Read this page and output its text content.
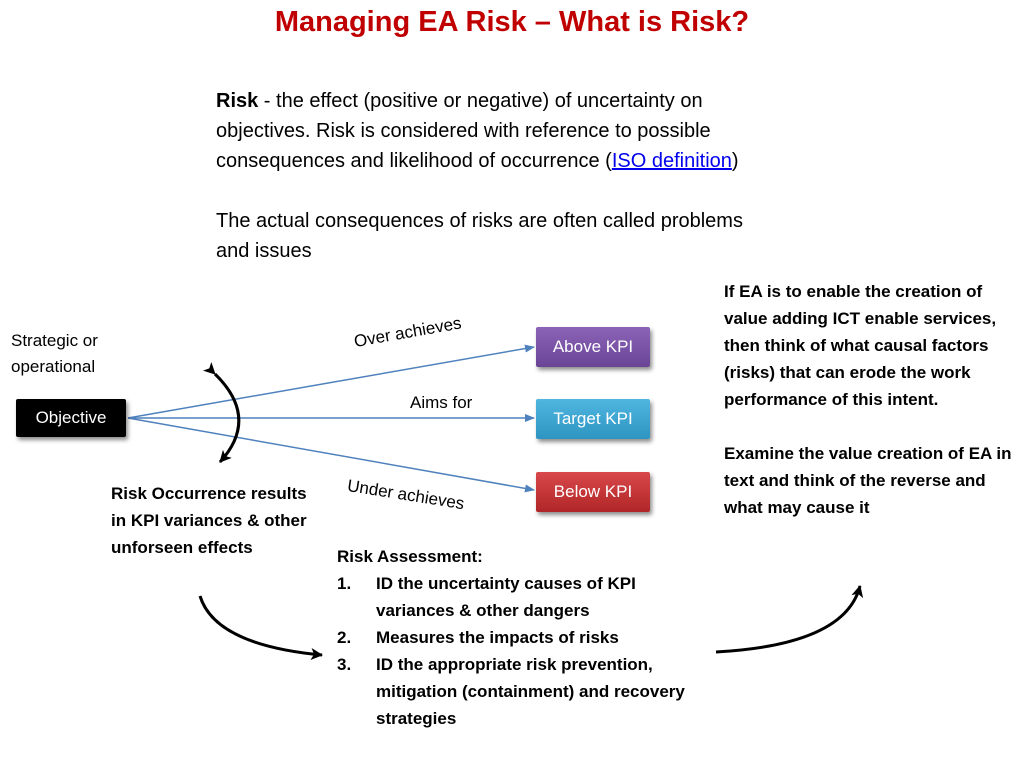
Managing EA Risk – What is Risk?

Risk - the effect (positive or negative) of uncertainty on objectives. Risk is considered with reference to possible consequences and likelihood of occurrence (ISO definition)

The actual consequences of risks are often called problems and issues

Strategic or operational
Objective
Over achieves
Aims for
Under achieves
Above KPI
Target KPI
Below KPI
Risk Occurrence results in KPI variances & other unforseen effects	Risk Assessment:
1. ID the uncertainty causes of KPI variances & other dangers
2. Measures the impacts of risks
3. ID the appropriate risk prevention, mitigation (containment) and recovery strategies

If EA is to enable the creation of value adding ICT enable services, then think of what causal factors (risks) that can erode the work performance of this intent.

Examine the value creation of EA in text and think of the reverse and what may cause it
